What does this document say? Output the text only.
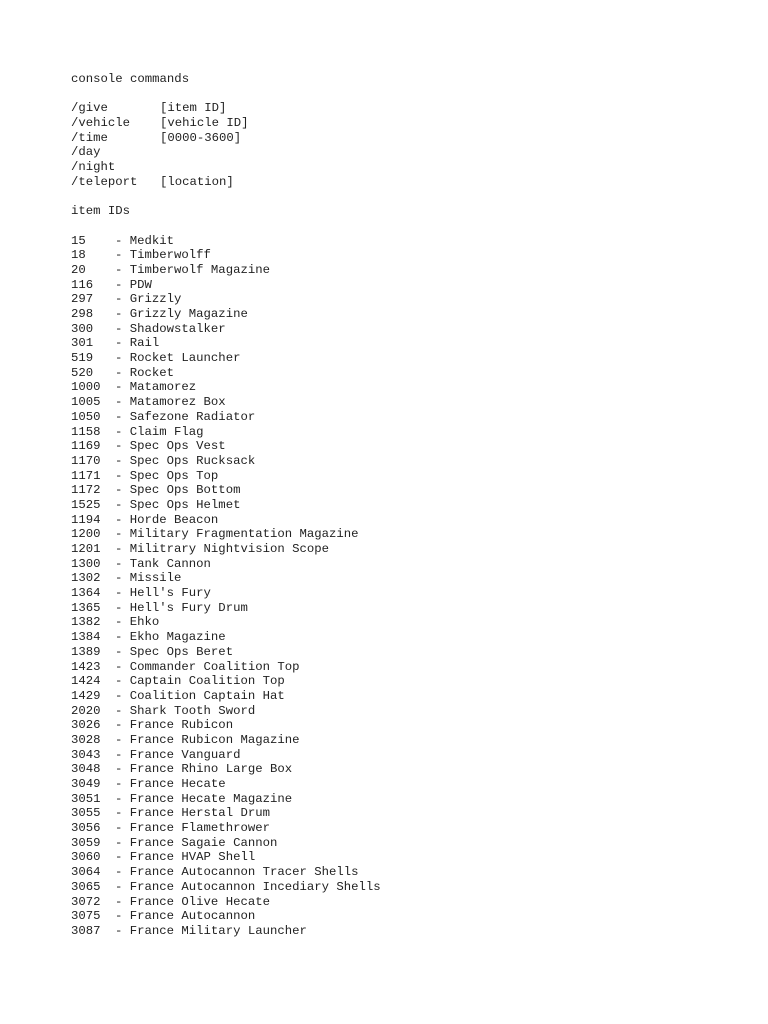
console commands
/give	[item ID]
/vehicle [vehicle ID]
/time	[0000-3600]
/day
/night
/teleport [location]
item IDs
15 - Medkit
18 - Timberwolff
20 - Timberwolf Magazine
116 - PDW
297 - Grizzly
298 - Grizzly Magazine
300 - Shadowstalker
301 - Rail
519 - Rocket Launcher
520 - Rocket
1000 - Matamorez
1005 - Matamorez Box
1050 - Safezone Radiator
1158 - Claim Flag
1169 - Spec Ops Vest
1170 - Spec Ops Rucksack
1171 - Spec Ops Top
1172 - Spec Ops Bottom
1525 - Spec Ops Helmet
1194 - Horde Beacon
1200 - Military Fragmentation Magazine
1201 - Militrary Nightvision Scope
1300 - Tank Cannon
1302 - Missile
1364 - Hell's Fury
1365 - Hell's Fury Drum
1382 - Ehko
1384 - Ekho Magazine
1389 - Spec Ops Beret
1423 - Commander Coalition Top
1424 - Captain Coalition Top
1429 - Coalition Captain Hat
2020 - Shark Tooth Sword
3026 - France Rubicon
3028 - France Rubicon Magazine
3043 - France Vanguard
3048 - France Rhino Large Box
3049 - France Hecate
3051 - France Hecate Magazine
3055 - France Herstal Drum
3056 - France Flamethrower
3059 - France Sagaie Cannon
3060 - France HVAP Shell
3064 - France Autocannon Tracer Shells
3065 - France Autocannon Incediary Shells
3072 - France Olive Hecate
3075 - France Autocannon
3087 - France Military Launcher
